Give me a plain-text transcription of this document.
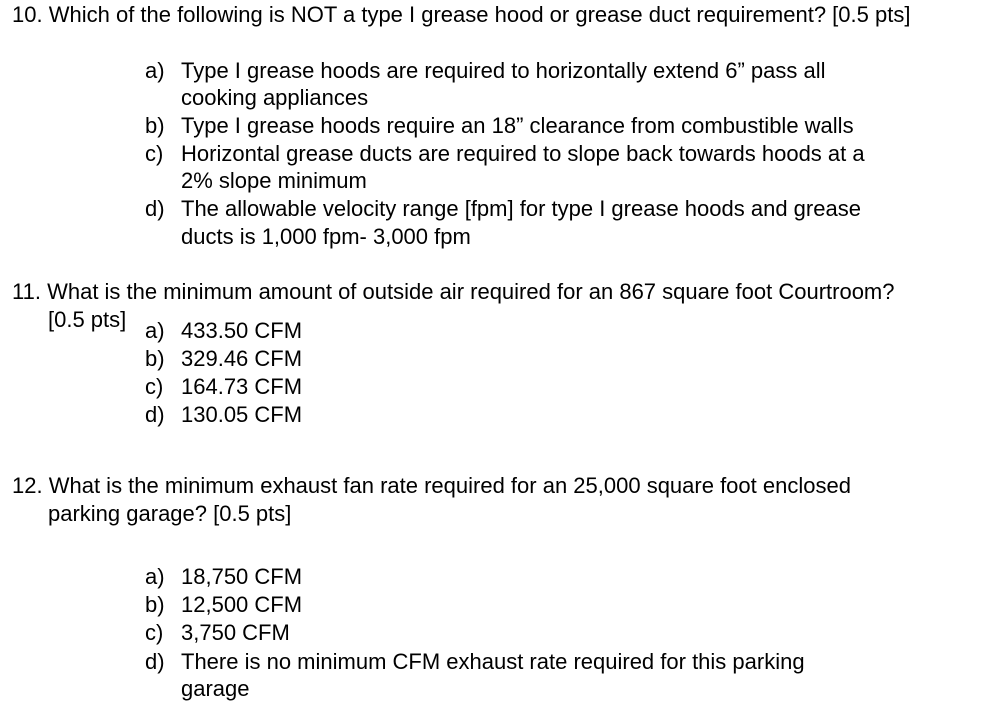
10. Which of the following is NOT a type I grease hood or grease duct requirement? [0.5 pts]
a) Type I grease hoods are required to horizontally extend 6” pass all
cooking appliances
b) Type I grease hoods require an 18” clearance from combustible walls
c) Horizontal grease ducts are required to slope back towards hoods at a
2% slope minimum
d) The allowable velocity range [fpm] for type I grease hoods and grease
ducts is 1,000 fpm- 3,000 fpm
11. What is the minimum amount of outside air required for an 867 square foot Courtroom?
[0.5 pts] a) 433.50 CFM
b) 329.46 CFM
c) 164.73 CFM
d) 130.05 CFM
12. What is the minimum exhaust fan rate required for an 25,000 square foot enclosed
parking garage? [0.5 pts]
a) 18,750 CFM
b) 12,500 CFM
c) 3,750 CFM
d) There is no minimum CFM exhaust rate required for this parking
garage
